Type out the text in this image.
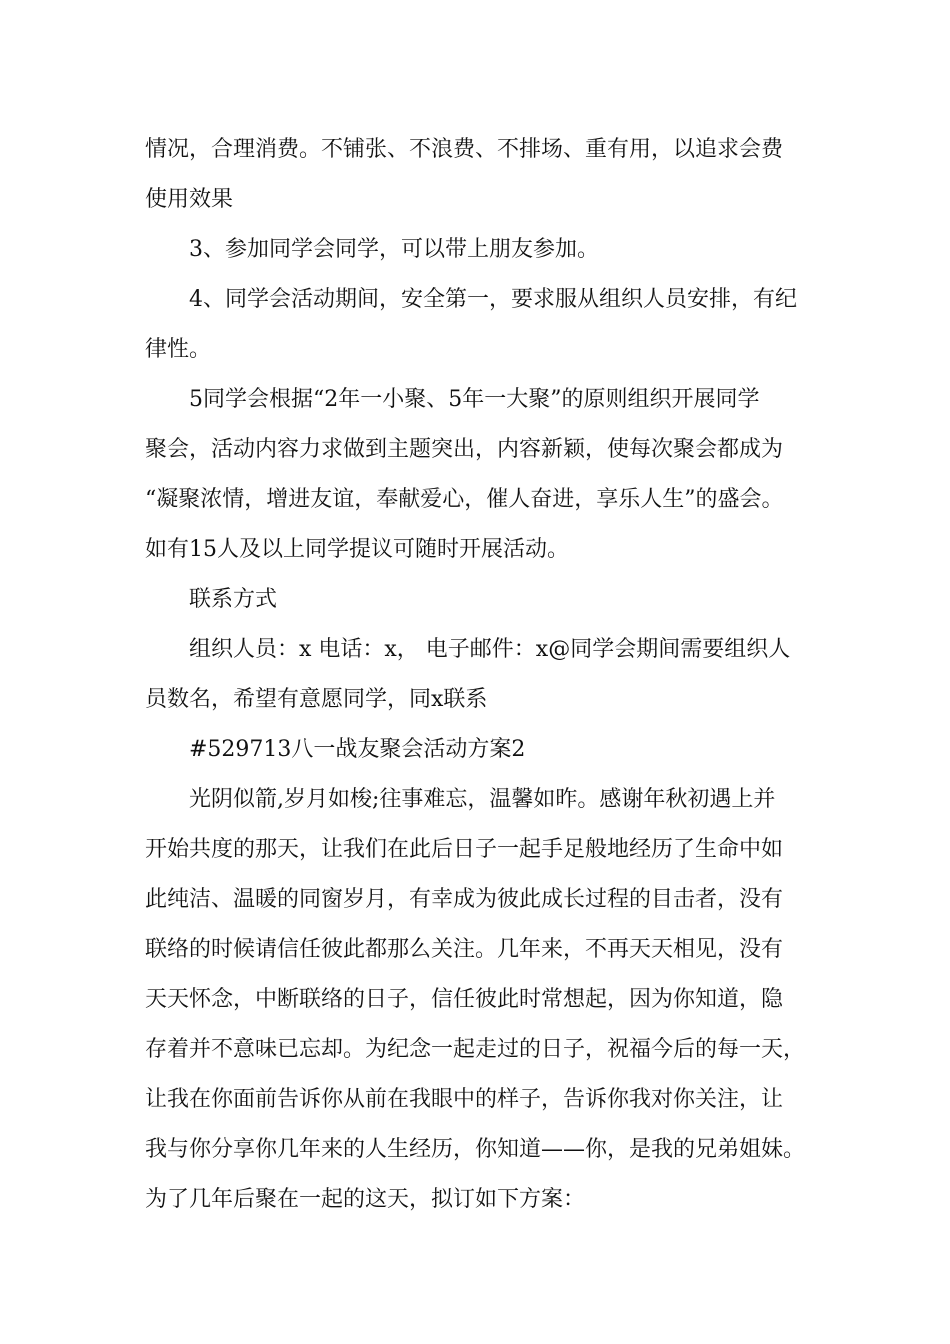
情况，合理消费。不铺张、不浪费、不排场、重有用，以追求会费
使用效果
3、参加同学会同学，可以带上朋友参加。
4、同学会活动期间，安全第一，要求服从组织人员安排，有纪
律性。
5同学会根据“2年一小聚、5年一大聚”的原则组织开展同学
聚会，活动内容力求做到主题突出，内容新颖，使每次聚会都成为
“凝聚浓情，增进友谊，奉献爱心，催人奋进，享乐人生”的盛会。
如有15人及以上同学提议可随时开展活动。
联系方式
组织人员：x 电话：x， 电子邮件：x@同学会期间需要组织人
员数名，希望有意愿同学，同x联系
#529713八一战友聚会活动方案2
光阴似箭,岁月如梭;往事难忘，温馨如昨。感谢年秋初遇上并
开始共度的那天，让我们在此后日子一起手足般地经历了生命中如
此纯洁、温暖的同窗岁月，有幸成为彼此成长过程的目击者，没有
联络的时候请信任彼此都那么关注。几年来，不再天天相见，没有
天天怀念，中断联络的日子，信任彼此时常想起，因为你知道，隐
存着并不意味已忘却。为纪念一起走过的日子，祝福今后的每一天，
让我在你面前告诉你从前在我眼中的样子，告诉你我对你关注，让
我与你分享你几年来的人生经历，你知道——你，是我的兄弟姐妹。
为了几年后聚在一起的这天，拟订如下方案：
